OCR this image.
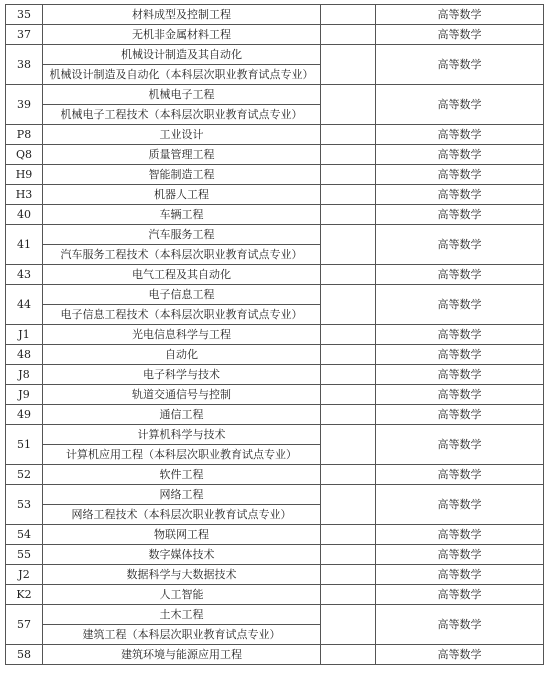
35	材料成型及控制工程		高等数学
37	无机非金属材料工程		高等数学
38	机械设计制造及其自动化		高等数学
	机械设计制造及自动化（本科层次职业教育试点专业）		
39	机械电子工程		高等数学
	机械电子工程技术（本科层次职业教育试点专业）		
P8	工业设计		高等数学
Q8	质量管理工程		高等数学
H9	智能制造工程		高等数学
H3	机器人工程		高等数学
40	车辆工程		高等数学
41	汽车服务工程		高等数学
	汽车服务工程技术（本科层次职业教育试点专业）		
43	电气工程及其自动化		高等数学
44	电子信息工程		高等数学
	电子信息工程技术（本科层次职业教育试点专业）		
J1	光电信息科学与工程		高等数学
48	自动化		高等数学
J8	电子科学与技术		高等数学
J9	轨道交通信号与控制		高等数学
49	通信工程		高等数学
51	计算机科学与技术		高等数学
	计算机应用工程（本科层次职业教育试点专业）		
52	软件工程		高等数学
53	网络工程		高等数学
	网络工程技术（本科层次职业教育试点专业）		
54	物联网工程		高等数学
55	数字媒体技术		高等数学
J2	数据科学与大数据技术		高等数学
K2	人工智能		高等数学
57	土木工程		高等数学
	建筑工程（本科层次职业教育试点专业）		
58	建筑环境与能源应用工程		高等数学
